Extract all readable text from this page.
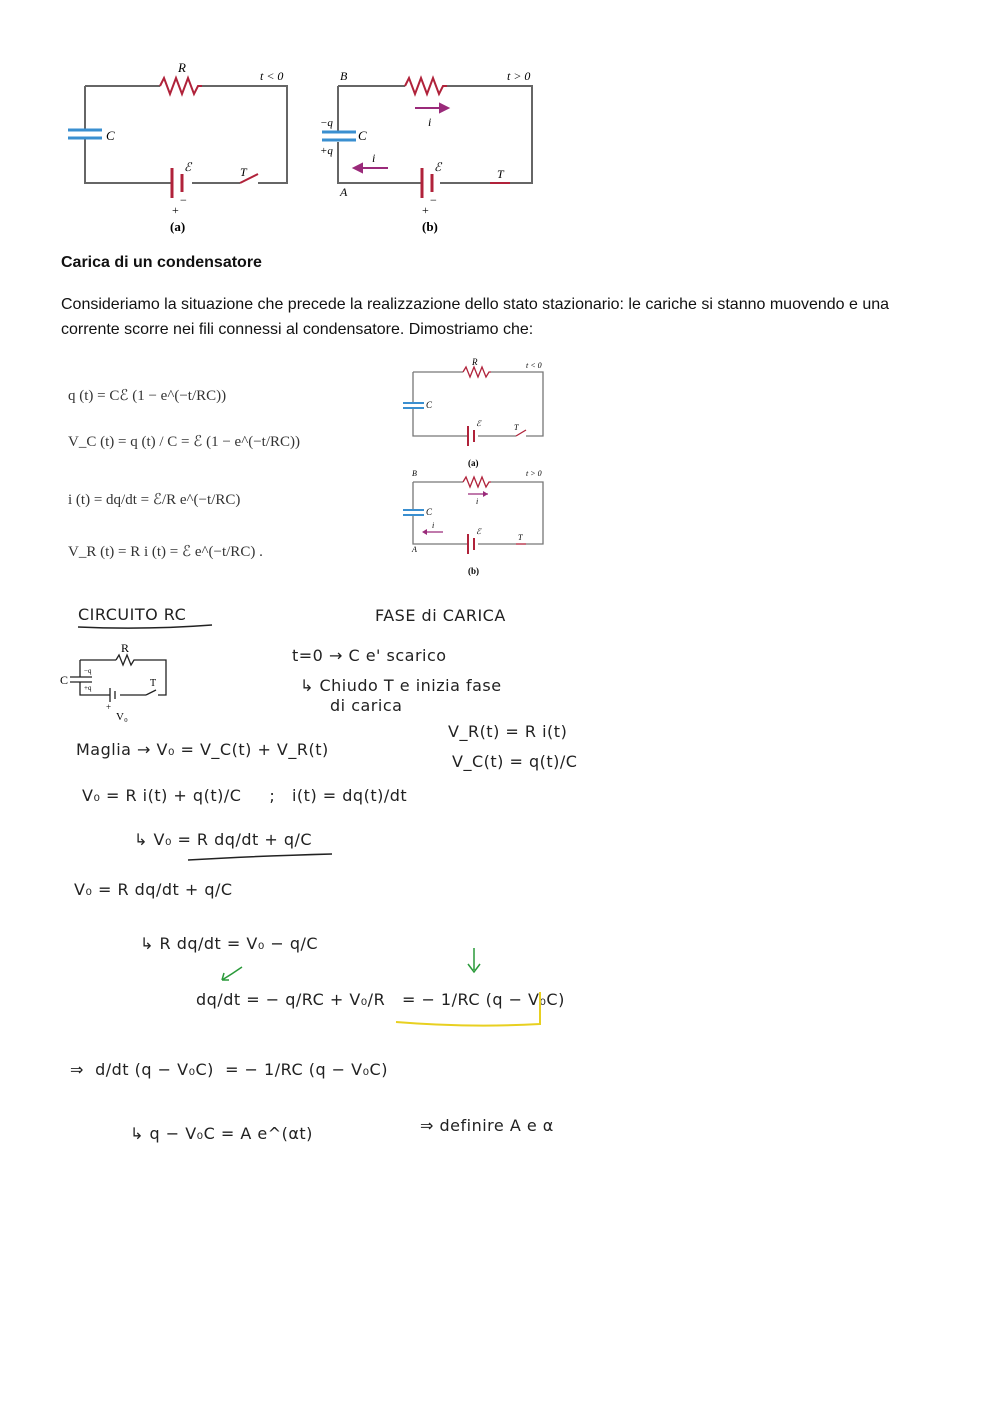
R
C
ℰ	T
t < 0
+
−
(a)
B
A
−q
+q
C
i
i
ℰ	T
t > 0
+
−
(b)
Carica di un condensatore
Consideriamo la situazione che precede la realizzazione dello stato stazionario: le cariche si stanno muovendo e una corrente scorre nei fili connessi al condensatore. Dimostriamo che:
q (t) = Cℰ (1 − e^(−t/RC))
V_C (t) = q (t) / C = ℰ (1 − e^(−t/RC))
i (t) = dq/dt = ℰ/R e^(−t/RC)
V_R (t) = R i (t) = ℰ e^(−t/RC) .
R
C
ℰ	T
t < 0
(a)
B
A
C
i
i
ℰ
T
t > 0
(b)
CIRCUITO RC	FASE di CARICA
R
C	T
−q
+q
+
V₀
t=0 → C e' scarico
↳ Chiudo T e inizia fase
di carica
V_R(t) = R i(t)
V_C(t) = q(t)/C
Maglia → V₀ = V_C(t) + V_R(t)
V₀ = R i(t) + q(t)/C     ;   i(t) = dq(t)/dt
↳ V₀ = R dq/dt + q/C
V₀ = R dq/dt + q/C
↳ R dq/dt = V₀ − q/C
dq/dt = − q/RC + V₀/R   = − 1/RC (q − V₀C)
⇒  d/dt (q − V₀C)  = − 1/RC (q − V₀C)
↳ q − V₀C = A e^(αt)	⇒ definire A e α
